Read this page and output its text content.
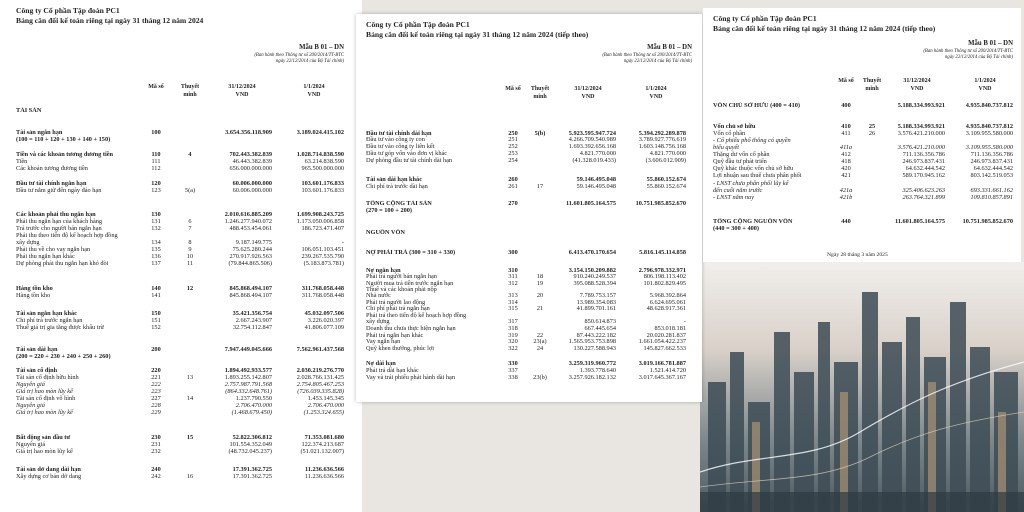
Công ty Cổ phần Tập đoàn PC1
Bảng cân đối kế toán riêng tại ngày 31 tháng 12 năm 2024
Mẫu B 01 – DN
(Ban hành theo Thông tư số 200/2014/TT-BTC
ngày 22/12/2014 của Bộ Tài chính)
Mã số	Thuyết minh
31/12/2024
VND
1/1/2024
VND
TÀI SẢN
Tài sản ngắn hạn	100	3.654.356.118.909	3.189.024.415.102
(100 = 110 + 120 + 130 + 140 + 150)
Tiền và các khoản tương đương tiền	110	4	702.443.382.839	1.028.714.838.590
Tiền	111	46.443.382.839	63.214.838.590
Các khoản tương đương tiền	112	656.000.000.000	965.500.000.000
Đầu tư tài chính ngắn hạn	120	60.006.000.000	103.601.176.833
Đầu tư nắm giữ đến ngày đáo hạn	123	5(a)	60.006.000.000	103.601.176.833
Các khoản phải thu ngắn hạn	130	2.010.616.885.209	1.699.908.243.725
Phải thu ngắn hạn của khách hàng	131	6	1.246.277.940.072	1.173.050.006.858
Trả trước cho người bán ngắn hạn	132	7	488.453.454.061	186.723.471.407
Phải thu theo tiến độ kế hoạch hợp đồng
xây dựng	134	8	9.187.149.775	-
Phải thu về cho vay ngắn hạn	135	9	75.625.280.244	106.051.103.451
Phải thu ngắn hạn khác	136	10	270.917.926.563	239.267.535.790
Dự phòng phải thu ngắn hạn khó đòi	137	11	(79.844.865.506)	(5.183.873.781)
Hàng tồn kho	140	12	845.868.494.107	311.768.058.448
Hàng tồn kho	141	845.868.494.107	311.768.058.448
Tài sản ngắn hạn khác	150	35.421.356.754	45.032.097.506
Chi phí trả trước ngắn hạn	151	2.667.243.907	3.226.020.397
Thuế giá trị gia tăng được khấu trừ	152	32.754.112.847	41.806.077.109
Tài sản dài hạn	200	7.947.449.045.666	7.562.961.437.568
(200 = 220 + 230 + 240 + 250 + 260)
Tài sản cố định	220	1.894.492.933.577	2.030.219.276.770
Tài sản cố định hữu hình	221	13	1.893.255.142.807	2.028.766.131.425
Nguyên giá	222	2.757.987.791.568	2.754.805.467.253
Giá trị hao mòn lũy kế	223	(864.332.648.761)	(726.039.335.828)
Tài sản cố định vô hình	227	14	1.237.790.550	1.453.145.345
Nguyên giá	228	2.706.470.000	2.706.470.000
Giá trị hao mòn lũy kế	229	(1.468.679.450)	(1.253.324.655)
Bất động sản đầu tư	230	15	52.822.306.812	71.353.081.680
Nguyên giá	231	101.554.352.049	122.374.213.687
Giá trị hao mòn lũy kế	232	(48.732.045.237)	(51.021.132.007)
Tài sản dở dang dài hạn	240	17.391.362.725	11.236.636.566
Xây dựng cơ bản dở dang	242	16	17.391.362.725	11.236.636.566
Công ty Cổ phần Tập đoàn PC1
Bảng cân đối kế toán riêng tại ngày 31 tháng 12 năm 2024 (tiếp theo)
Mẫu B 01 – DN
(Ban hành theo Thông tư số 200/2014/TT-BTC
ngày 22/12/2014 của Bộ Tài chính)
Mã số	Thuyết minh
31/12/2024
VND
1/1/2024
VND
Đầu tư tài chính dài hạn	250	5(b)	5.923.595.947.724	5.394.292.289.878
Đầu tư vào công ty con	251	4.266.709.540.989	3.789.927.776.619
Đầu tư vào công ty liên kết	252	1.693.392.656.168	1.603.148.756.168
Đầu tư góp vốn vào đơn vị khác	253	4.821.770.000	4.821.770.000
Dự phòng đầu tư tài chính dài hạn	254	(41.328.019.433)	(3.606.012.909)
Tài sản dài hạn khác	260	59.146.495.048	55.860.152.674
Chi phí trả trước dài hạn	261	17	59.146.495.048	55.860.152.674
TỔNG CỘNG TÀI SẢN	270	11.601.805.164.575	10.751.985.852.670
(270 = 100 + 200)
NGUỒN VỐN
NỢ PHẢI TRẢ (300 = 310 + 330)	300	6.413.470.170.654	5.816.145.114.858
Nợ ngắn hạn	310	3.154.150.209.882	2.796.978.332.971
Phải trả người bán ngắn hạn	311	18	910.240.249.537	806.198.113.402
Người mua trả tiền trước ngắn hạn	312	19	395.088.528.394	101.802.829.495
Thuế và các khoản phải nộp
Nhà nước	313	20	7.789.753.157	5.968.392.864
Phải trả người lao động	314	13.989.354.083	6.624.695.061
Chi phí phải trả ngắn hạn	315	21	41.899.701.161	48.628.917.361
Phải trả theo tiến độ kế hoạch hợp đồng
xây dựng	317	850.614.873	-
Doanh thu chưa thực hiện ngắn hạn	318	667.445.654	853.018.181
Phải trả ngắn hạn khác	319	22	87.443.222.182	20.020.281.837
Vay ngắn hạn	320	23(a)	1.565.953.753.898	1.661.054.422.237
Quỹ khen thưởng, phúc lợi	322	24	130.227.588.943	145.827.662.533
Nợ dài hạn	330	3.259.319.960.772	3.019.166.781.887
Phải trả dài hạn khác	337	1.393.778.640	1.521.414.720
Vay và trái phiếu phát hành dài hạn	338	23(b)	3.257.926.182.132	3.017.645.367.167
Công ty Cổ phần Tập đoàn PC1
Bảng cân đối kế toán riêng tại ngày 31 tháng 12 năm 2024 (tiếp theo)
Mẫu B 01 – DN
(Ban hành theo Thông tư số 200/2014/TT-BTC
ngày 22/12/2014 của Bộ Tài chính)
Mã số	Thuyết minh
31/12/2024
VND
1/1/2024
VND
VỐN CHỦ SỞ HỮU (400 = 410)	400	5.188.334.993.921	4.935.840.737.812
Vốn chủ sở hữu	410	25	5.188.334.993.921	4.935.840.737.812
Vốn cổ phần	411	26	3.576.421.210.000	3.109.955.580.000
- Cổ phiếu phổ thông có quyền
biểu quyết	411a	3.576.421.210.000	3.109.955.580.000
Thặng dư vốn cổ phần	412	711.136.356.786	711.136.356.786
Quỹ đầu tư phát triển	418	246.973.837.431	246.973.837.431
Quỹ khác thuộc vốn chủ sở hữu	420	64.632.444.542	64.632.444.542
Lợi nhuận sau thuế chưa phân phối	421	589.170.945.162	803.142.519.053
- LNST chưa phân phối lũy kế
đến cuối năm trước	421a	325.406.623.263	693.331.661.162
- LNST năm nay	421b	263.764.321.899	109.810.857.891
TỔNG CỘNG NGUỒN VỐN	440	11.601.805.164.575	10.751.985.852.670
(440 = 300 + 400)
Ngày 28 tháng 3 năm 2025
